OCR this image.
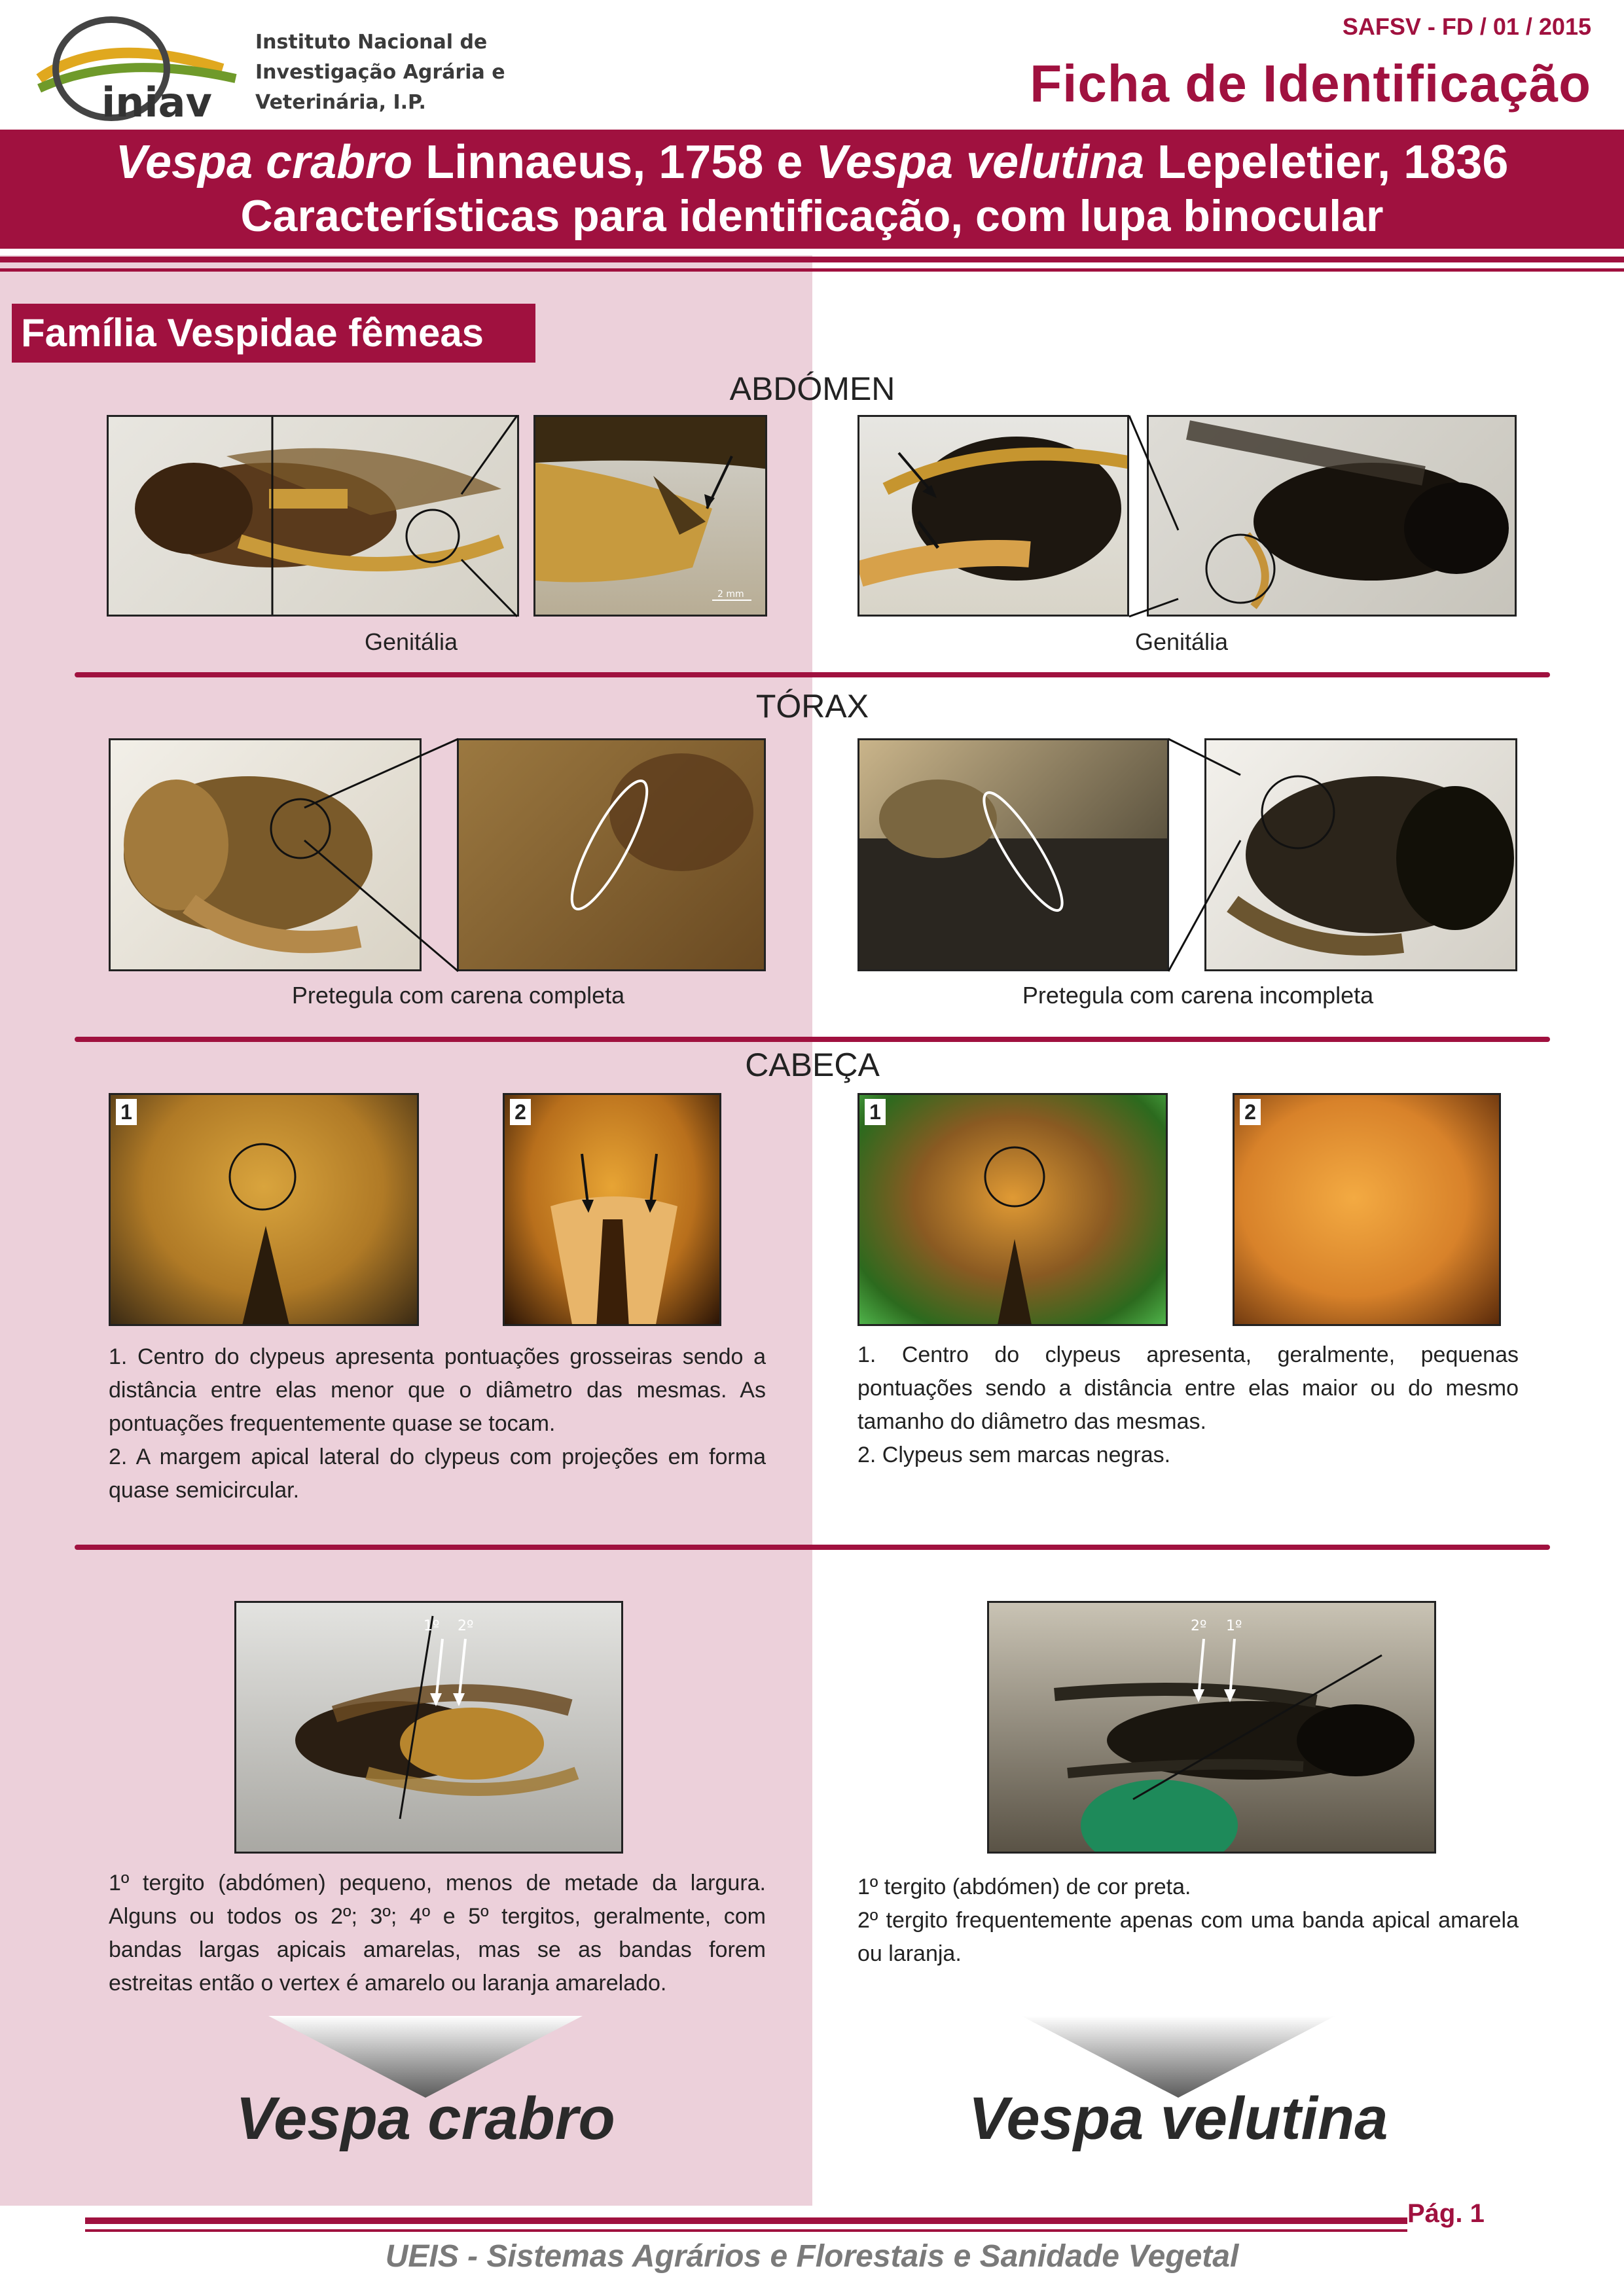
iniav
Instituto Nacional de
Investigação Agrária e
Veterinária, I.P.
SAFSV - FD / 01 / 2015
Ficha de Identificação
Vespa crabro Linnaeus, 1758 e Vespa velutina Lepeletier, 1836
Características para identificação, com lupa binocular
Família Vespidae fêmeas
ABDÓMEN
2 mm
Genitália	Genitália
TÓRAX
Pretegula com carena completa	Pretegula com carena incompleta
CABEÇA
1	2	1	2
1. Centro do clypeus apresenta pontuações grosseiras sendo a distância entre elas menor que o diâmetro das mesmas. As pontuações frequentemente quase se tocam.
2. A margem apical lateral do clypeus com projeções em forma quase semicircular.
1. Centro do clypeus apresenta, geralmente, pequenas pontuações sendo a distância entre elas maior ou do mesmo tamanho do diâmetro das mesmas.
2. Clypeus sem marcas negras.
1º 2º	2º 1º
1º tergito (abdómen) pequeno, menos de metade da largura. Alguns ou todos os 2º; 3º; 4º e 5º tergitos, geralmente, com bandas largas apicais amarelas, mas se as bandas forem estreitas então o vertex é amarelo ou laranja amarelado.
1º tergito (abdómen) de cor preta.
2º tergito frequentemente apenas com uma banda apical amarela ou laranja.
Vespa crabro	Vespa velutina
Pág. 1
UEIS - Sistemas Agrários e Florestais e Sanidade Vegetal
